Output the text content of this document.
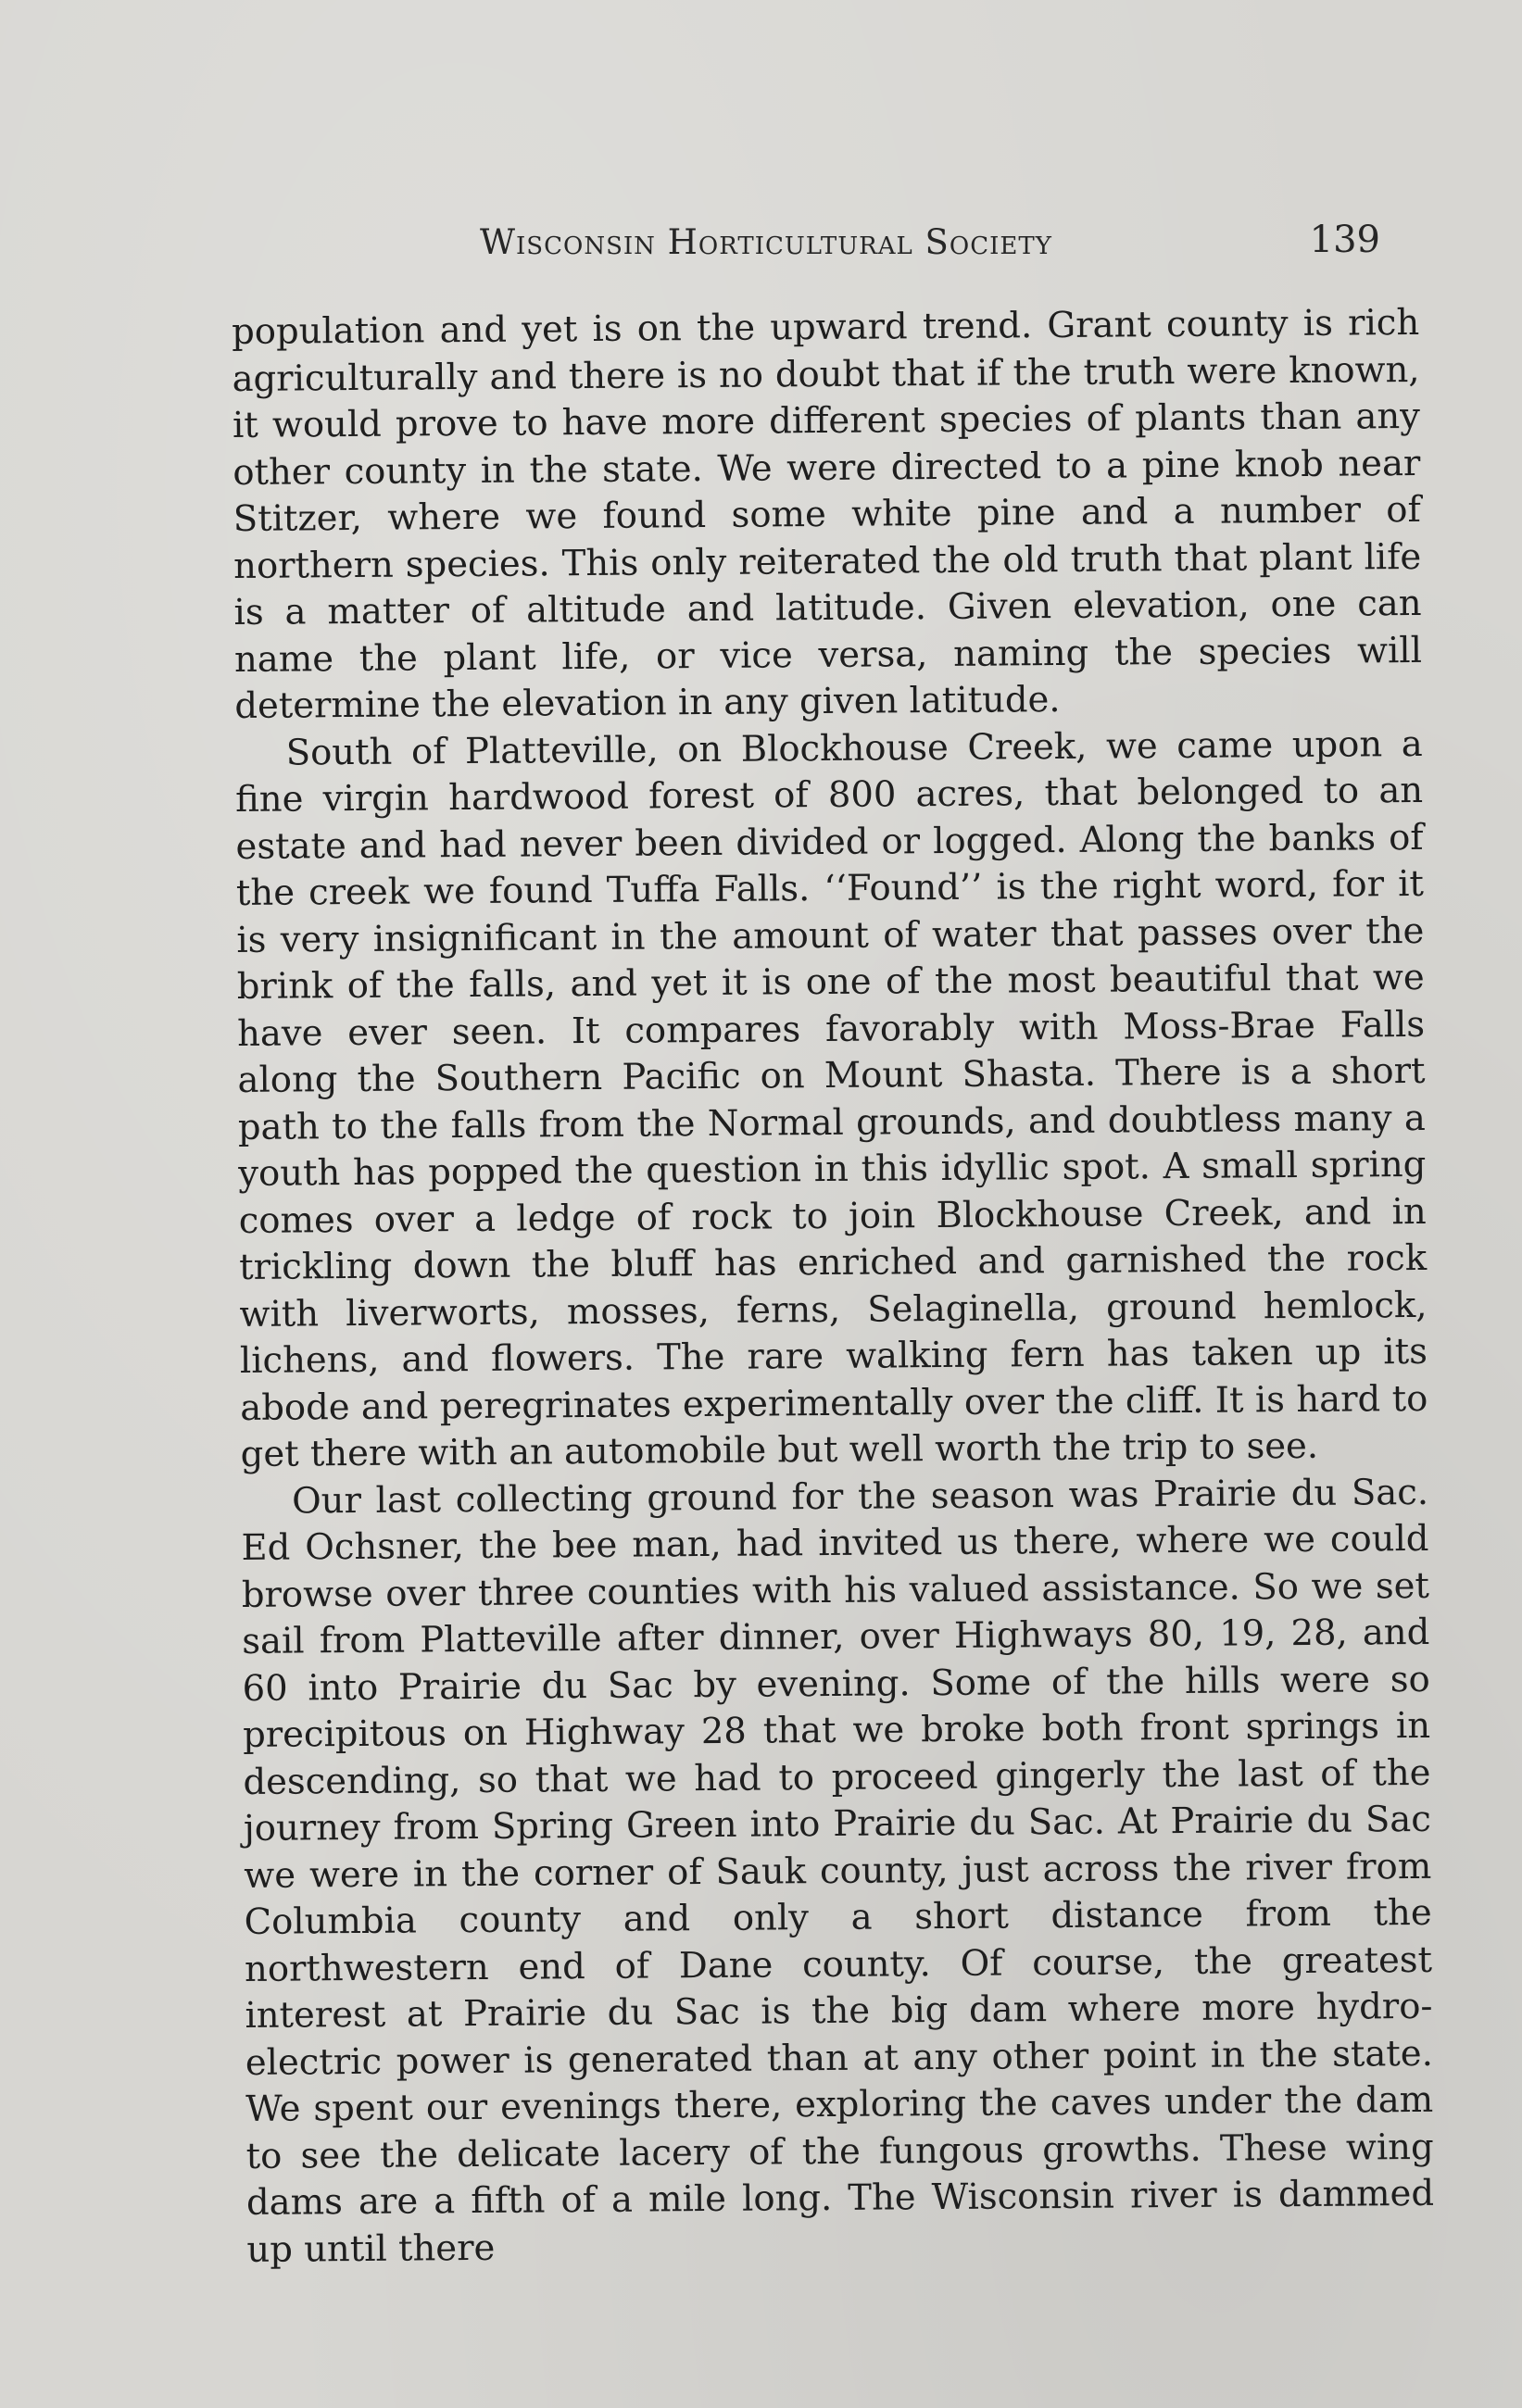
Wisconsin Horticultural Society	139

population and yet is on the upward trend. Grant county is rich agriculturally and there is no doubt that if the truth were known, it would prove to have more different species of plants than any other county in the state. We were directed to a pine knob near Stitzer, where we found some white pine and a number of northern species. This only reiterated the old truth that plant life is a matter of altitude and latitude. Given elevation, one can name the plant life, or vice versa, naming the species will determine the elevation in any given latitude.

South of Platteville, on Blockhouse Creek, we came upon a fine virgin hardwood forest of 800 acres, that belonged to an estate and had never been divided or logged. Along the banks of the creek we found Tuffa Falls. ‘‘Found’’ is the right word, for it is very insignificant in the amount of water that passes over the brink of the falls, and yet it is one of the most beautiful that we have ever seen. It compares favorably with Moss-Brae Falls along the Southern Pacific on Mount Shasta. There is a short path to the falls from the Normal grounds, and doubtless many a youth has popped the question in this idyllic spot. A small spring comes over a ledge of rock to join Blockhouse Creek, and in trickling down the bluff has enriched and garnished the rock with liverworts, mosses, ferns, Selaginella, ground hemlock, lichens, and flowers. The rare walking fern has taken up its abode and peregrinates experimentally over the cliff. It is hard to get there with an automobile but well worth the trip to see.

Our last collecting ground for the season was Prairie du Sac. Ed Ochsner, the bee man, had invited us there, where we could browse over three counties with his valued assistance. So we set sail from Platteville after dinner, over Highways 80, 19, 28, and 60 into Prairie du Sac by evening. Some of the hills were so precipitous on Highway 28 that we broke both front springs in descending, so that we had to proceed gingerly the last of the journey from Spring Green into Prairie du Sac. At Prairie du Sac we were in the corner of Sauk county, just across the river from Columbia county and only a short distance from the northwestern end of Dane county. Of course, the greatest interest at Prairie du Sac is the big dam where more hydro-electric power is generated than at any other point in the state. We spent our evenings there, exploring the caves under the dam to see the delicate lacery of the fungous growths. These wing dams are a fifth of a mile long. The Wisconsin river is dammed up until there
